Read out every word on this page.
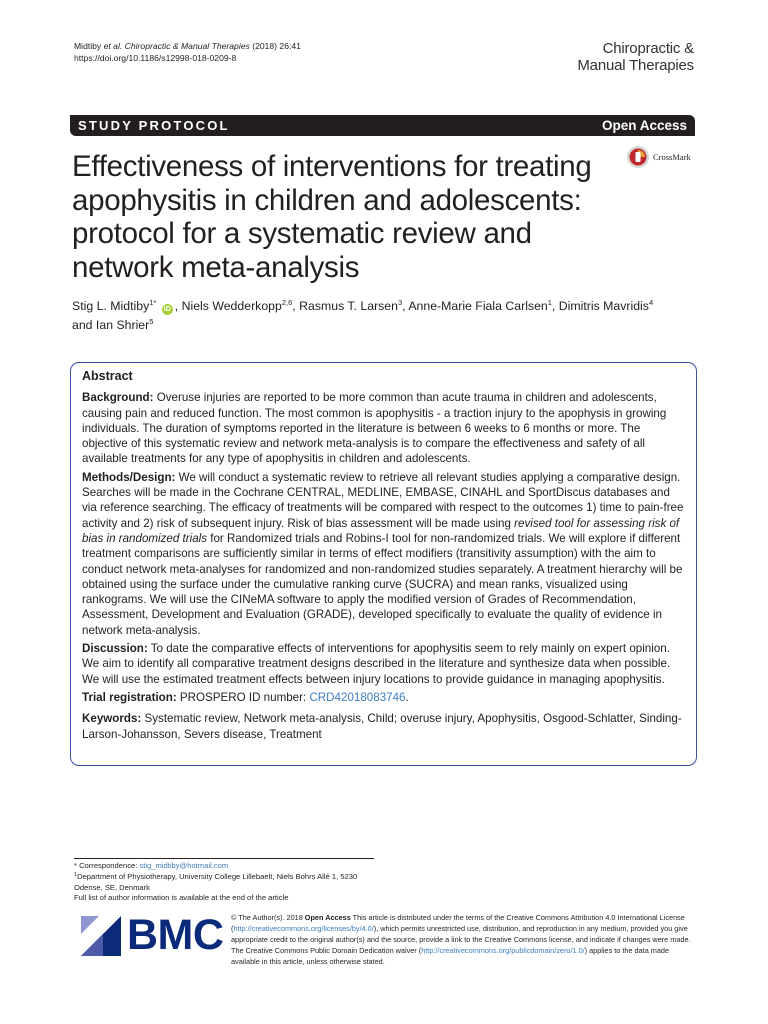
Midtiby et al. Chiropractic & Manual Therapies (2018) 26:41
https://doi.org/10.1186/s12998-018-0209-8
Chiropractic &
Manual Therapies
STUDY PROTOCOL	Open Access
Effectiveness of interventions for treating apophysitis in children and adolescents: protocol for a systematic review and network meta-analysis
CrossMark
Stig L. Midtiby$^{1*}$ iD , Niels Wedderkopp$^{2,6}$, Rasmus T. Larsen$^3$, Anne-Marie Fiala Carlsen$^1$, Dimitris Mavridis$^4$
and Ian Shrier$^5$
Abstract

Background: Overuse injuries are reported to be more common than acute trauma in children and adolescents, causing pain and reduced function. The most common is apophysitis - a traction injury to the apophysis in growing individuals. The duration of symptoms reported in the literature is between 6 weeks to 6 months or more. The objective of this systematic review and network meta-analysis is to compare the effectiveness and safety of all available treatments for any type of apophysitis in children and adolescents.

Methods/Design: We will conduct a systematic review to retrieve all relevant studies applying a comparative design. Searches will be made in the Cochrane CENTRAL, MEDLINE, EMBASE, CINAHL and SportDiscus databases and via reference searching. The efficacy of treatments will be compared with respect to the outcomes 1) time to pain-free activity and 2) risk of subsequent injury. Risk of bias assessment will be made using revised tool for assessing risk of bias in randomized trials for Randomized trials and Robins-I tool for non-randomized trials. We will explore if different treatment comparisons are sufficiently similar in terms of effect modifiers (transitivity assumption) with the aim to conduct network meta-analyses for randomized and non-randomized studies separately. A treatment hierarchy will be obtained using the surface under the cumulative ranking curve (SUCRA) and mean ranks, visualized using rankograms. We will use the CINeMA software to apply the modified version of Grades of Recommendation, Assessment, Development and Evaluation (GRADE), developed specifically to evaluate the quality of evidence in network meta-analysis.

Discussion: To date the comparative effects of interventions for apophysitis seem to rely mainly on expert opinion. We aim to identify all comparative treatment designs described in the literature and synthesize data when possible. We will use the estimated treatment effects between injury locations to provide guidance in managing apophysitis.

Trial registration: PROSPERO ID number: CRD42018083746.

Keywords: Systematic review, Network meta-analysis, Child; overuse injury, Apophysitis, Osgood-Schlatter, Sinding-Larson-Johansson, Severs disease, Treatment

* Correspondence: stig_midtiby@hotmail.com
$^1$Department of Physiotherapy, University College Lillebaelt, Niels Bohrs Allé 1, 5230 Odense, SE, Denmark
Full list of author information is available at the end of the article
BMC © The Author(s). 2018 Open Access This article is distributed under the terms of the Creative Commons Attribution 4.0 International License (http://creativecommons.org/licenses/by/4.0/), which permits unrestricted use, distribution, and reproduction in any medium, provided you give appropriate credit to the original author(s) and the source, provide a link to the Creative Commons license, and indicate if changes were made. The Creative Commons Public Domain Dedication waiver (http://creativecommons.org/publicdomain/zero/1.0/) applies to the data made available in this article, unless otherwise stated.
